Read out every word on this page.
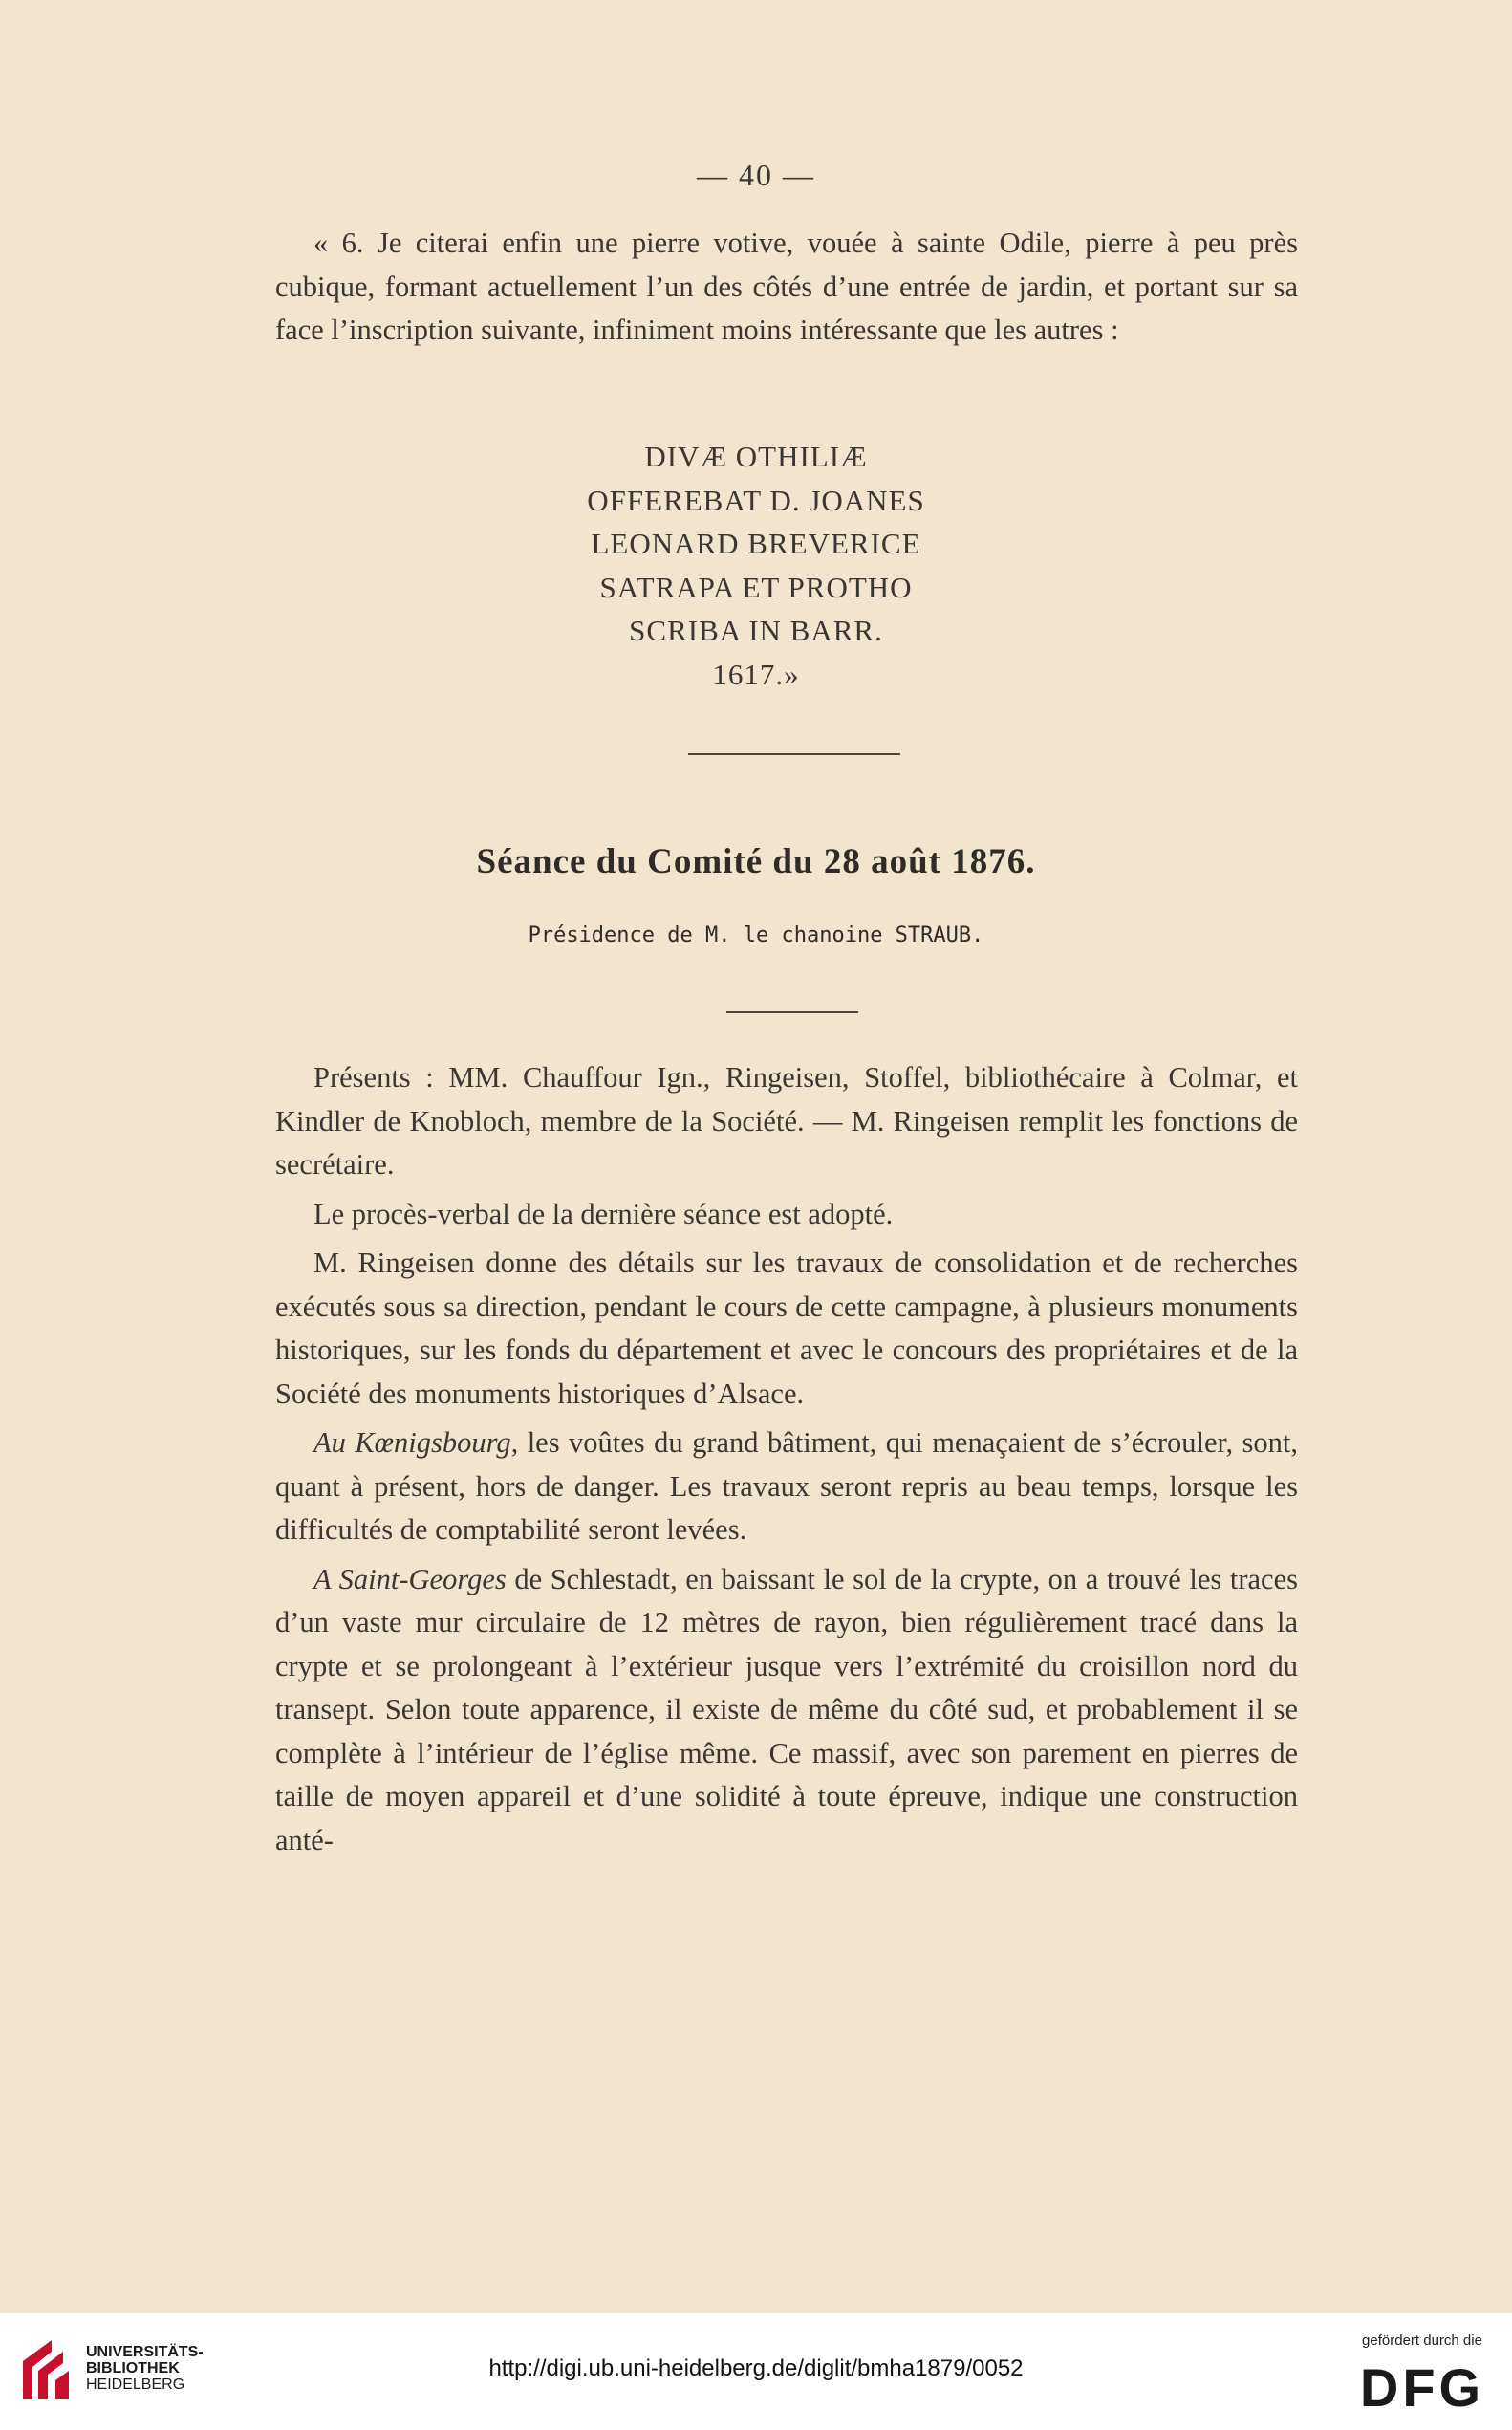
— 40 —

« 6. Je citerai enfin une pierre votive, vouée à sainte Odile, pierre à peu près cubique, formant actuellement l’un des côtés d’une entrée de jardin, et portant sur sa face l’inscription suivante, infiniment moins intéressante que les autres :

DIVÆ OTHILIÆ
OFFEREBAT D. JOANES
LEONARD BREVERICE
SATRAPA ET PROTHO
SCRIBA IN BARR.
1617.»
Séance du Comité du 28 août 1876.
Présidence de M. le chanoine STRAUB.

Présents : MM. Chauffour Ign., Ringeisen, Stoffel, bibliothécaire à Colmar, et Kindler de Knobloch, membre de la Société. — M. Ringeisen remplit les fonctions de secrétaire.

Le procès-verbal de la dernière séance est adopté.

M. Ringeisen donne des détails sur les travaux de consolidation et de recherches exécutés sous sa direction, pendant le cours de cette campagne, à plusieurs monuments historiques, sur les fonds du département et avec le concours des propriétaires et de la Société des monuments historiques d’Alsace.

Au Kœnigsbourg, les voûtes du grand bâtiment, qui menaçaient de s’écrouler, sont, quant à présent, hors de danger. Les travaux seront repris au beau temps, lorsque les difficultés de comptabilité seront levées.

A Saint-Georges de Schlestadt, en baissant le sol de la crypte, on a trouvé les traces d’un vaste mur circulaire de 12 mètres de rayon, bien régulièrement tracé dans la crypte et se prolongeant à l’extérieur jusque vers l’extrémité du croisillon nord du transept. Selon toute apparence, il existe de même du côté sud, et probablement il se complète à l’intérieur de l’église même. Ce massif, avec son parement en pierres de taille de moyen appareil et d’une solidité à toute épreuve, indique une construction anté-

UNIVERSITÄTS-
BIBLIOTHEK
HEIDELBERG
http://digi.ub.uni-heidelberg.de/diglit/bmha1879/0052
gefördert durch die
DFG
